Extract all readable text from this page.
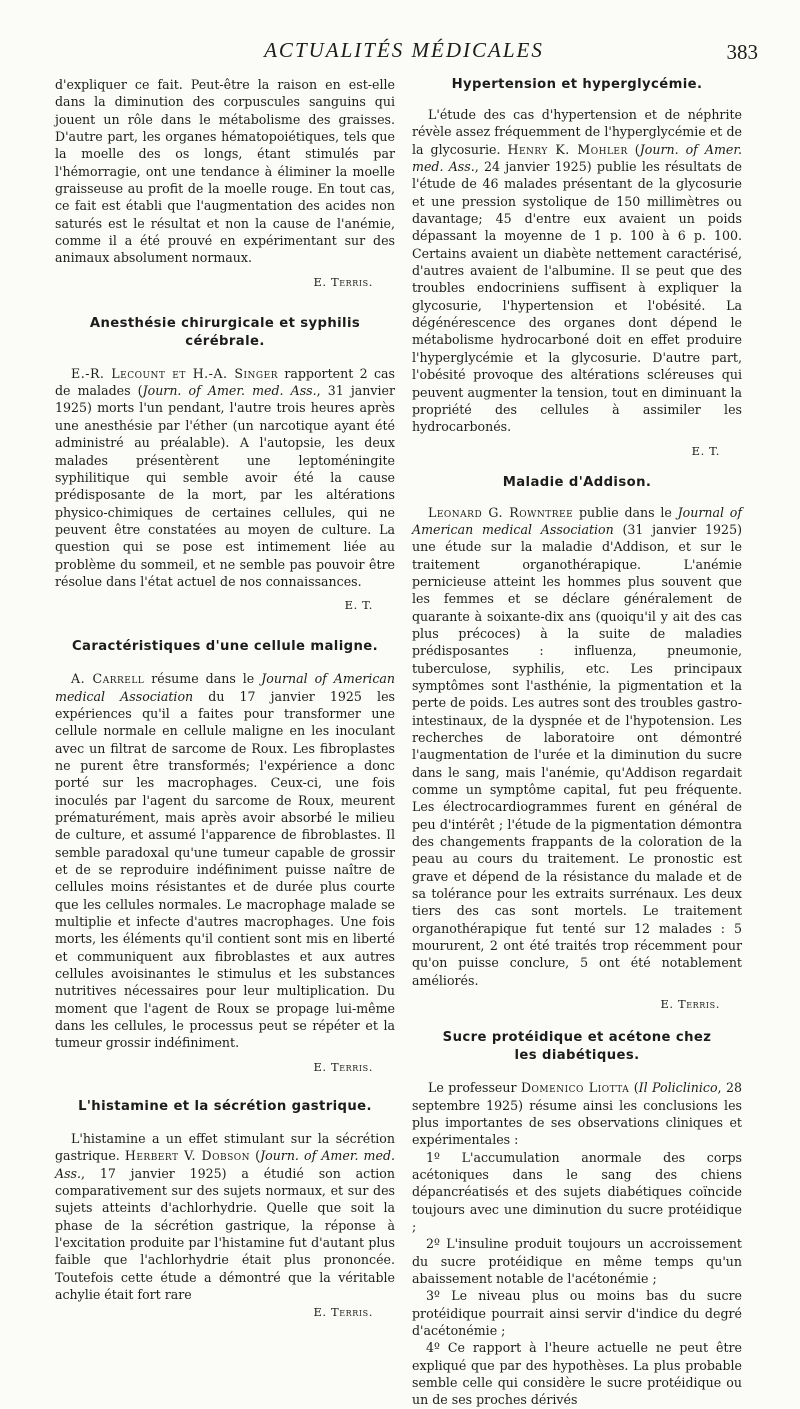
ACTUALITÉS MÉDICALES	383

d'expliquer ce fait. Peut-être la raison en est-elle dans la diminution des corpuscules sanguins qui jouent un rôle dans le métabolisme des graisses. D'autre part, les organes hématopoiétiques, tels que la moelle des os longs, étant stimulés par l'hémorragie, ont une tendance à éliminer la moelle graisseuse au profit de la moelle rouge. En tout cas, ce fait est établi que l'augmentation des acides non saturés est le résultat et non la cause de l'anémie, comme il a été prouvé en expérimentant sur des animaux absolument normaux.

E. Terris.
Anesthésie chirurgicale et syphilis cérébrale.

E.-R. Lecount et H.-A. Singer rapportent 2 cas de malades (Journ. of Amer. med. Ass., 31 janvier 1925) morts l'un pendant, l'autre trois heures après une anesthésie par l'éther (un narcotique ayant été administré au préalable). A l'autopsie, les deux malades présentèrent une leptoméningite syphilitique qui semble avoir été la cause prédisposante de la mort, par les altérations physico-chimiques de certaines cellules, qui ne peuvent être constatées au moyen de culture. La question qui se pose est intimement liée au problème du sommeil, et ne semble pas pouvoir être résolue dans l'état actuel de nos connaissances.

E. T.
Caractéristiques d'une cellule maligne.

A. Carrell résume dans le Journal of American medical Association du 17 janvier 1925 les expériences qu'il a faites pour transformer une cellule normale en cellule maligne en les inoculant avec un filtrat de sarcome de Roux. Les fibroplastes ne purent être transformés; l'expérience a donc porté sur les macrophages. Ceux-ci, une fois inoculés par l'agent du sarcome de Roux, meurent prématurément, mais après avoir absorbé le milieu de culture, et assumé l'apparence de fibroblastes. Il semble paradoxal qu'une tumeur capable de grossir et de se reproduire indéfiniment puisse naître de cellules moins résistantes et de durée plus courte que les cellules normales. Le macrophage malade se multiplie et infecte d'autres macrophages. Une fois morts, les éléments qu'il contient sont mis en liberté et communiquent aux fibroblastes et aux autres cellules avoisinantes le stimulus et les substances nutritives nécessaires pour leur multiplication. Du moment que l'agent de Roux se propage lui-même dans les cellules, le processus peut se répéter et la tumeur grossir indéfiniment.

E. Terris.
L'histamine et la sécrétion gastrique.

L'histamine a un effet stimulant sur la sécrétion gastrique. Herbert V. Dobson (Journ. of Amer. med. Ass., 17 janvier 1925) a étudié son action comparativement sur des sujets normaux, et sur des sujets atteints d'achlorhydrie. Quelle que soit la phase de la sécrétion gastrique, la réponse à l'excitation produite par l'histamine fut d'autant plus faible que l'achlorhydrie était plus prononcée. Toutefois cette étude a démontré que la véritable achylie était fort rare

E. Terris.
Hypertension et hyperglycémie.

L'étude des cas d'hypertension et de néphrite révèle assez fréquemment de l'hyperglycémie et de la glycosurie. Henry K. Mohler (Journ. of Amer. med. Ass., 24 janvier 1925) publie les résultats de l'étude de 46 malades présentant de la glycosurie et une pression systolique de 150 millimètres ou davantage; 45 d'entre eux avaient un poids dépassant la moyenne de 1 p. 100 à 6 p. 100. Certains avaient un diabète nettement caractérisé, d'autres avaient de l'albumine. Il se peut que des troubles endocriniens suffisent à expliquer la glycosurie, l'hypertension et l'obésité. La dégénérescence des organes dont dépend le métabolisme hydrocarboné doit en effet produire l'hyperglycémie et la glycosurie. D'autre part, l'obésité provoque des altérations scléreuses qui peuvent augmenter la tension, tout en diminuant la propriété des cellules à assimiler les hydrocarbonés.

E. T.
Maladie d'Addison.

Leonard G. Rowntree publie dans le Journal of American medical Association (31 janvier 1925) une étude sur la maladie d'Addison, et sur le traitement organothérapique. L'anémie pernicieuse atteint les hommes plus souvent que les femmes et se déclare généralement de quarante à soixante-dix ans (quoiqu'il y ait des cas plus précoces) à la suite de maladies prédisposantes : influenza, pneumonie, tuberculose, syphilis, etc. Les principaux symptômes sont l'asthénie, la pigmentation et la perte de poids. Les autres sont des troubles gastro-intestinaux, de la dyspnée et de l'hypotension. Les recherches de laboratoire ont démontré l'augmentation de l'urée et la diminution du sucre dans le sang, mais l'anémie, qu'Addison regardait comme un symptôme capital, fut peu fréquente. Les électrocardiogrammes furent en général de peu d'intérêt ; l'étude de la pigmentation démontra des changements frappants de la coloration de la peau au cours du traitement. Le pronostic est grave et dépend de la résistance du malade et de sa tolérance pour les extraits surrénaux. Les deux tiers des cas sont mortels. Le traitement organothérapique fut tenté sur 12 malades : 5 moururent, 2 ont été traités trop récemment pour qu'on puisse conclure, 5 ont été notablement améliorés.

E. Terris.
Sucre protéidique et acétone chez les diabétiques.

Le professeur Domenico Liotta (Il Policlinico, 28 septembre 1925) résume ainsi les conclusions les plus importantes de ses observations cliniques et expérimentales :

1º L'accumulation anormale des corps acétoniques dans le sang des chiens dépancréatisés et des sujets diabétiques coïncide toujours avec une diminution du sucre protéidique ;

2º L'insuline produit toujours un accroissement du sucre protéidique en même temps qu'un abaissement notable de l'acétonémie ;

3º Le niveau plus ou moins bas du sucre protéidique pourrait ainsi servir d'indice du degré d'acétonémie ;

4º Ce rapport à l'heure actuelle ne peut être expliqué que par des hypothèses. La plus probable semble celle qui considère le sucre protéidique ou un de ses proches dérivés
